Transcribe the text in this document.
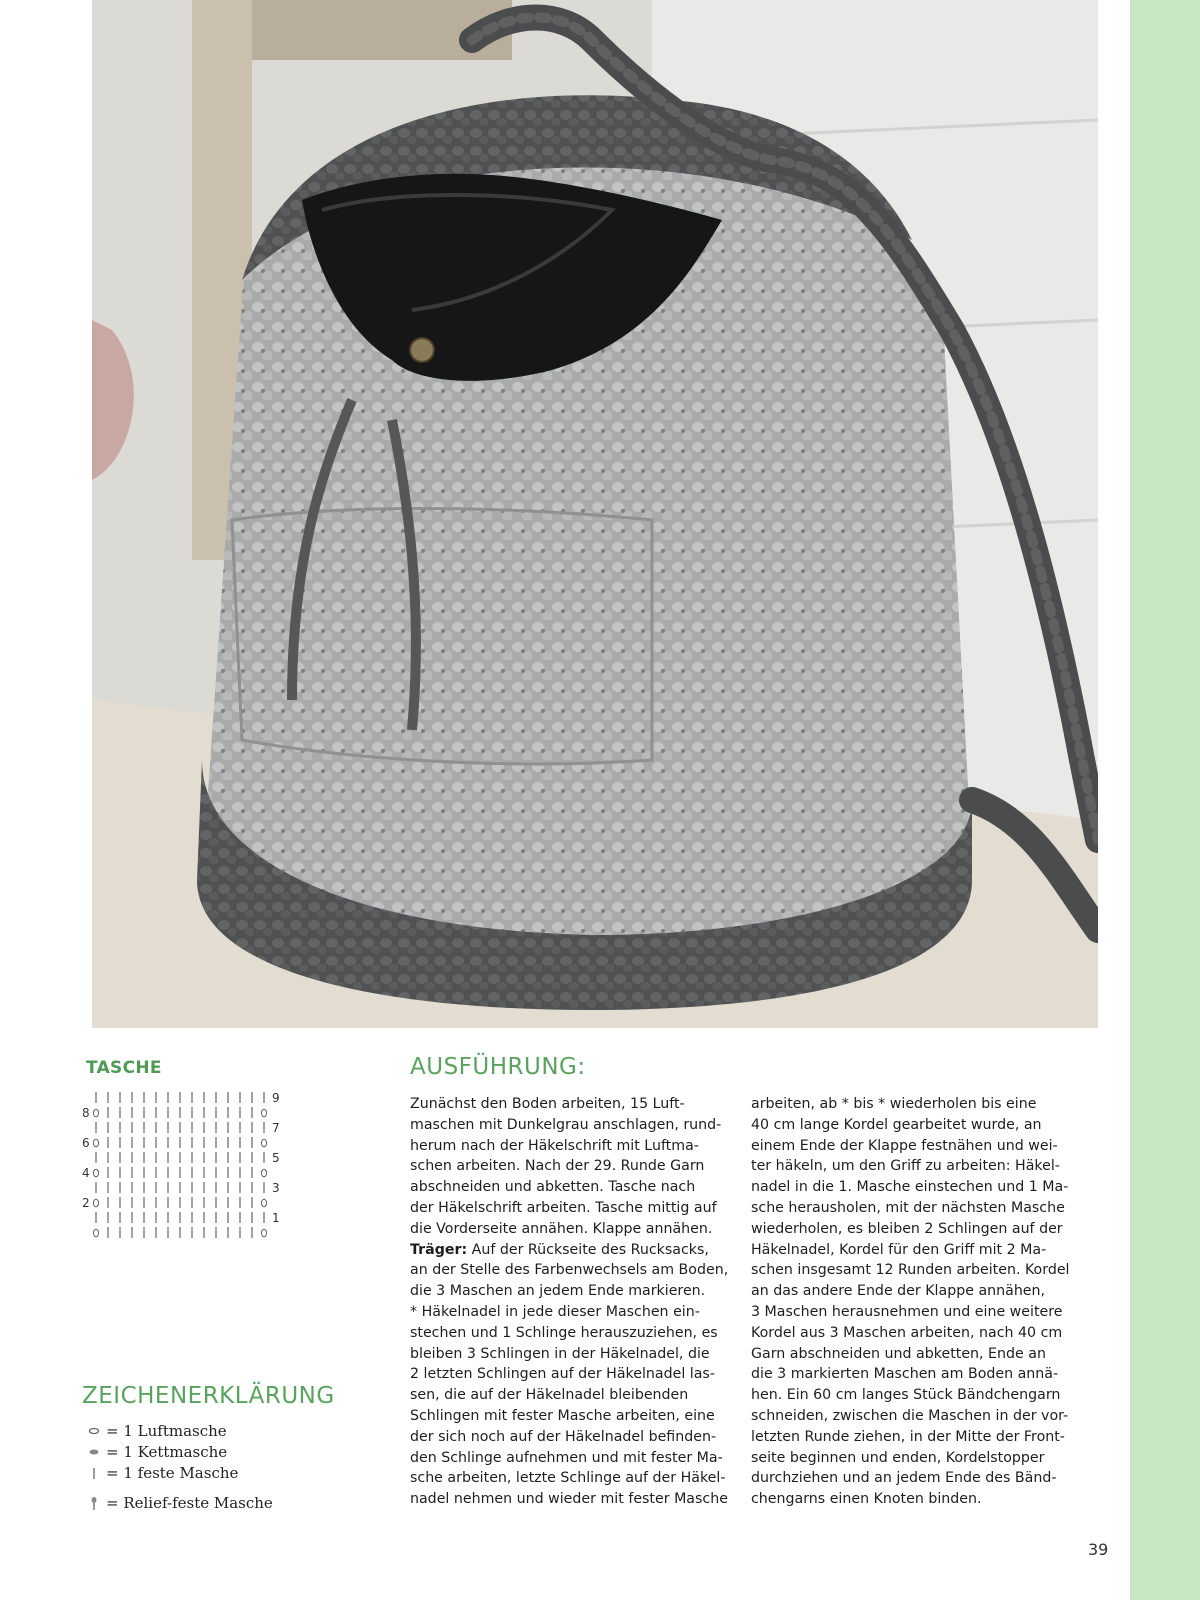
TASCHE
9
7
5
3
1
8
6
4
2
ZEICHENERKLÄRUNG
= 1 Luftmasche
= 1 Kettmasche
= 1 feste Masche
= Relief-feste Masche
AUSFÜHRUNG:
Zunächst den Boden arbeiten, 15 Luft-
maschen mit Dunkelgrau anschlagen, rund-
herum nach der Häkelschrift mit Luftma-
schen arbeiten. Nach der 29. Runde Garn
abschneiden und abketten. Tasche nach
der Häkelschrift arbeiten. Tasche mittig auf
die Vorderseite annähen. Klappe annähen.
Träger: Auf der Rückseite des Rucksacks,
an der Stelle des Farbenwechsels am Boden,
die 3 Maschen an jedem Ende markieren.
* Häkelnadel in jede dieser Maschen ein-
stechen und 1 Schlinge herauszuziehen, es
bleiben 3 Schlingen in der Häkelnadel, die
2 letzten Schlingen auf der Häkelnadel las-
sen, die auf der Häkelnadel bleibenden
Schlingen mit fester Masche arbeiten, eine
der sich noch auf der Häkelnadel befinden-
den Schlinge aufnehmen und mit fester Ma-
sche arbeiten, letzte Schlinge auf der Häkel-
nadel nehmen und wieder mit fester Masche
arbeiten, ab * bis * wiederholen bis eine
40 cm lange Kordel gearbeitet wurde, an
einem Ende der Klappe festnähen und wei-
ter häkeln, um den Griff zu arbeiten: Häkel-
nadel in die 1. Masche einstechen und 1 Ma-
sche herausholen, mit der nächsten Masche
wiederholen, es bleiben 2 Schlingen auf der
Häkelnadel, Kordel für den Griff mit 2 Ma-
schen insgesamt 12 Runden arbeiten. Kordel
an das andere Ende der Klappe annähen,
3 Maschen herausnehmen und eine weitere
Kordel aus 3 Maschen arbeiten, nach 40 cm
Garn abschneiden und abketten, Ende an
die 3 markierten Maschen am Boden annä-
hen. Ein 60 cm langes Stück Bändchengarn
schneiden, zwischen die Maschen in der vor-
letzten Runde ziehen, in der Mitte der Front-
seite beginnen und enden, Kordelstopper
durchziehen und an jedem Ende des Bänd-
chengarns einen Knoten binden.
39
